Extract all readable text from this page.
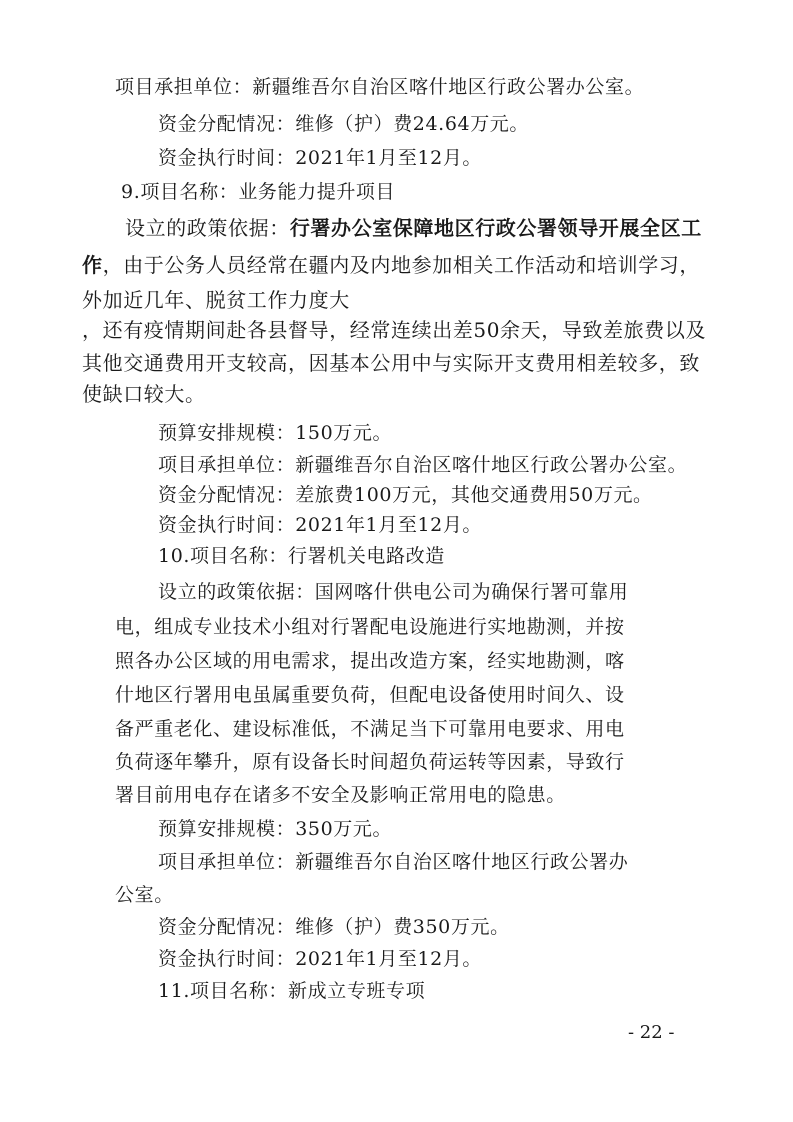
项目承担单位：新疆维吾尔自治区喀什地区行政公署办公室。
资金分配情况：维修（护）费24.64万元。
资金执行时间：2021年1月至12月。
9.项目名称：业务能力提升项目
设立的政策依据：行署办公室保障地区行政公署领导开展全区工
作，由于公务人员经常在疆内及内地参加相关工作活动和培训学习，
外加近几年、脱贫工作力度大
，还有疫情期间赴各县督导，经常连续出差50余天，导致差旅费以及
其他交通费用开支较高，因基本公用中与实际开支费用相差较多，致
使缺口较大。
预算安排规模：150万元。
项目承担单位：新疆维吾尔自治区喀什地区行政公署办公室。
资金分配情况：差旅费100万元，其他交通费用50万元。
资金执行时间：2021年1月至12月。
10.项目名称：行署机关电路改造
设立的政策依据：国网喀什供电公司为确保行署可靠用
电，组成专业技术小组对行署配电设施进行实地勘测，并按
照各办公区域的用电需求，提出改造方案，经实地勘测，喀
什地区行署用电虽属重要负荷，但配电设备使用时间久、设
备严重老化、建设标准低，不满足当下可靠用电要求、用电
负荷逐年攀升，原有设备长时间超负荷运转等因素，导致行
署目前用电存在诸多不安全及影响正常用电的隐患。
预算安排规模：350万元。
项目承担单位：新疆维吾尔自治区喀什地区行政公署办
公室。
资金分配情况：维修（护）费350万元。
资金执行时间：2021年1月至12月。
11.项目名称：新成立专班专项
- 22 -
